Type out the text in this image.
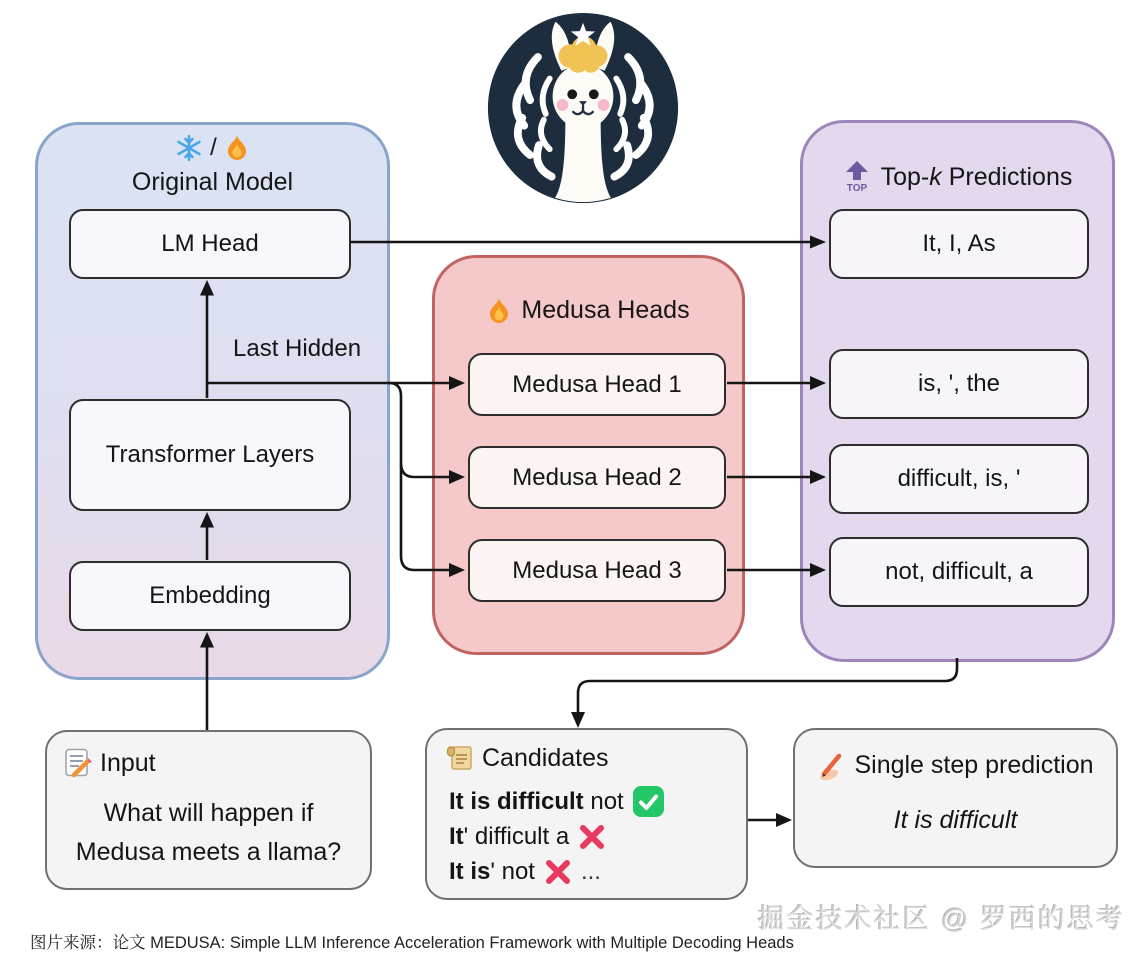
/
Original Model
LM Head
Transformer Layers
Embedding
Last Hidden
Medusa Heads
Medusa Head 1
Medusa Head 2
Medusa Head 3
TOP Top-k Predictions
It, I, As
is, ', the
difficult, is, '
not, difficult, a
Input
What will happen if Medusa meets a llama?
Candidates
It is difficult not
It' difficult a
It is' not ...
Single step prediction
It is difficult
图片来源：论文 MEDUSA: Simple LLM Inference Acceleration Framework with Multiple Decoding Heads
掘金技术社区 @ 罗西的思考
